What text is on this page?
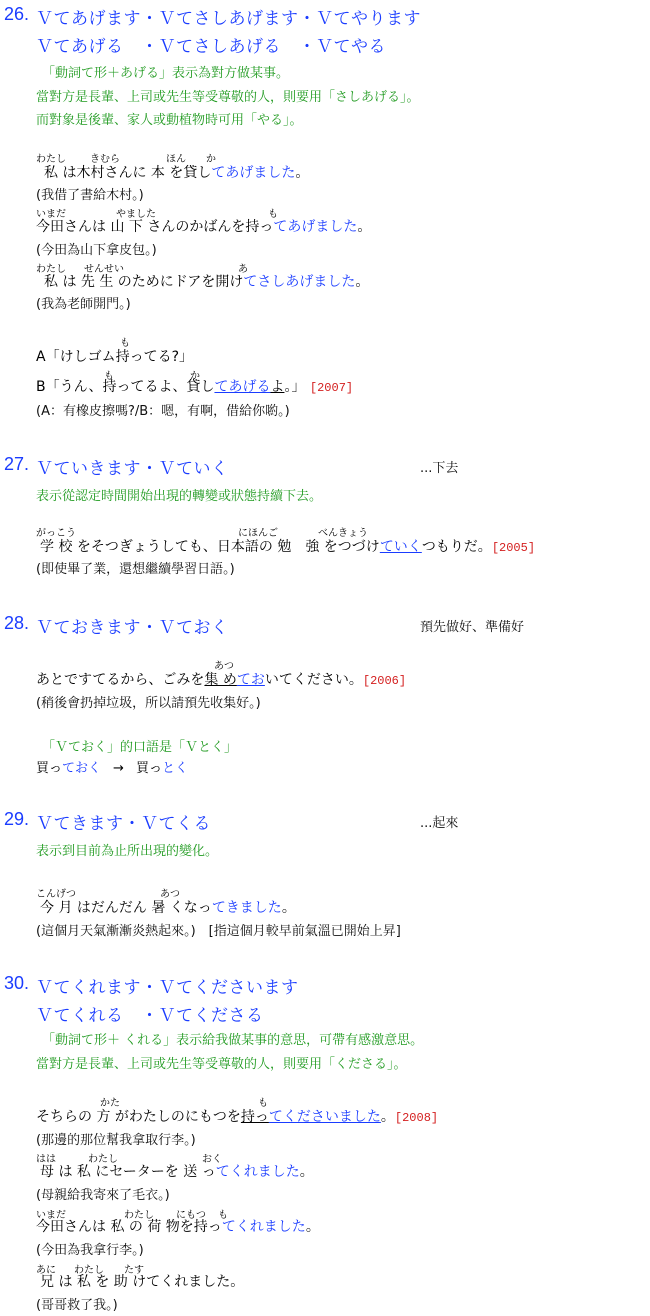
26. Ｖてあげます・Ｖてさしあげます・Ｖてやります
Ｖてあげる　・Ｖてさしあげる　・Ｖてやる
「動詞て形＋あげる」表示為對方做某事。
當對方是長輩、上司或先生等受尊敬的人，則要用「さしあげる」。
而對象是後輩、家人或動植物時可用「やる」。
わたし きむら	ほん か
私 は木村さんに 本 を貸してあげました。
(我借了書給木村。)
いまだ	やました	も
今田さんは 山 下 さんのかばんを持ってあげました。
(今田為山下拿皮包。)
わたし せんせい	あ
私 は 先 生 のためにドアを開けてさしあげました。
(我為老師開門。)
も
A「けしゴム持ってる?」
も	か
B「うん、持ってるよ、貸してあげるよ。」 [2007]
(A：有橡皮擦嗎?/B：嗯，有啊，借給你喲。)
27. Ｖていきます・Ｖていく	...下去
表示從認定時間開始出現的轉變或狀態持續下去。
がっこう	にほんご	べんきょう
学 校 をそつぎょうしても、日本語の 勉　強 をつづけていくつもりだ。[2005]
(即使畢了業，還想繼續學習日語。)
28. Ｖておきます・Ｖておく	預先做好、準備好
あつ
あとですてるから、ごみを集 めておいてください。[2006]
(稍後會扔掉垃圾，所以請預先收集好。)
「Ｖておく」的口語是「Ｖとく」
買っておく → 買っとく
29. Ｖてきます・Ｖてくる	...起來
表示到目前為止所出現的變化。
こんげつ	あつ
今 月 はだんだん 暑 くなってきました。
(這個月天氣漸漸炎熱起來。)　[指這個月較早前氣溫已開始上昇]
30. Ｖてくれます・Ｖてくださいます
Ｖてくれる　・Ｖてくださる
「動詞て形＋ くれる」表示給我做某事的意思，可帶有感激意思。
當對方是長輩、上司或先生等受尊敬的人，則要用「くださる」。
かた	も
そちらの 方 がわたしのにもつを持ってくださいました。[2008]
(那邊的那位幫我拿取行李。)
はは	わたし	おく
母 は 私 にセーターを 送 ってくれました。
(母親給我寄來了毛衣。)
いまだ	わたし にもつ も
今田さんは 私 の 荷 物を持ってくれました。
(今田為我拿行李。)
あに わたし たす
兄 は 私 を 助 けてくれました。
(哥哥救了我。)
